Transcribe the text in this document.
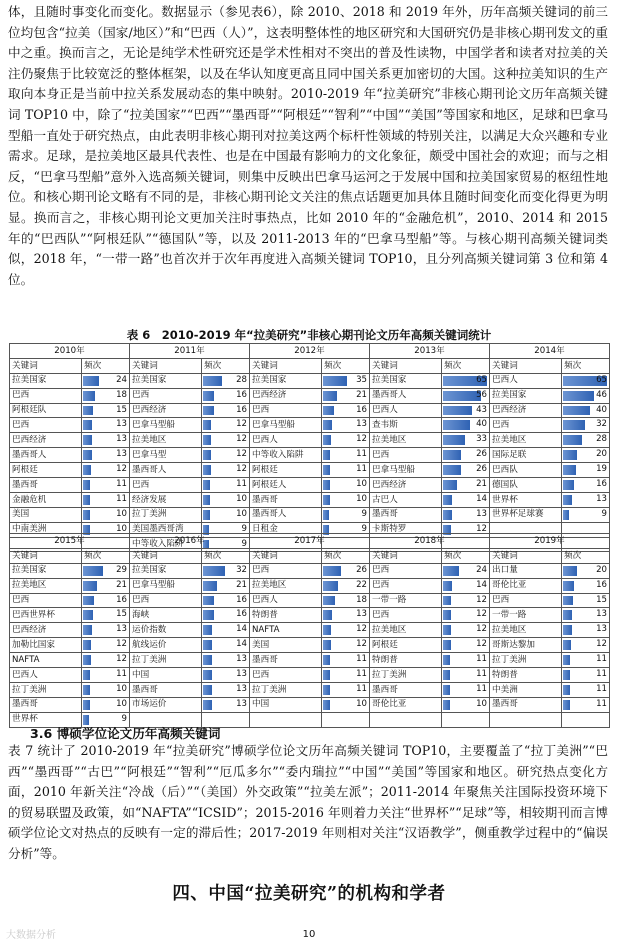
体，且随时事变化而变化。数据显示（参见表6），除 2010、2018 和 2019 年外，历年高频关键词的前三位均包含“拉美（国家/地区）”和“巴西（人）”，这表明整体性的地区研究和大国研究仍是非核心期刊发文的重中之重。换而言之，无论是纯学术性研究还是学术性相对不突出的普及性读物，中国学者和读者对拉美的关注仍聚焦于比较宽泛的整体框架，以及在华认知度更高且同中国关系更加密切的大国。这种拉美知识的生产取向本身正是当前中拉关系发展动态的集中映射。2010-2019 年“拉美研究”非核心期刊论文历年高频关键词 TOP10 中，除了“拉美国家”“巴西”“墨西哥”“阿根廷”“智利”“中国”“美国”等国家和地区，足球和巴拿马型船一直处于研究热点，由此表明非核心期刊对拉美这两个标杆性领域的特别关注，以满足大众兴趣和专业需求。足球，是拉美地区最具代表性、也是在中国最有影响力的文化象征，颇受中国社会的欢迎；而与之相反，“巴拿马型船”意外入选高频关键词，则集中反映出巴拿马运河之于发展中国和拉美国家贸易的枢纽性地位。和核心期刊论文略有不同的是，非核心期刊论文关注的焦点话题更加具体且随时间变化而变化得更为明显。换而言之，非核心期刊论文更加关注时事热点，比如 2010 年的“金融危机”，2010、2014 和 2015 年的“巴西队”“阿根廷队”“德国队”等，以及 2011-2013 年的“巴拿马型船”等。与核心期刊高频关键词类似，2018 年，“一带一路”也首次并于次年再度进入高频关键词 TOP10，且分列高频关键词第 3 位和第 4 位。

表 6　2010-2019 年“拉美研究”非核心期刊论文历年高频关键词统计
2010年		2011年		2012年		2013年		2014年	
关键词	频次	关键词	频次	关键词	频次	关键词	频次	关键词	频次
拉美国家	24	拉美国家	28	拉美国家	35	拉美国家	65	巴西人	65

巴西	18	巴西	16	巴西经济	21	墨西哥人	56	拉美国家	46

阿根廷队	15	巴西经济	16	巴西	16	巴西人	43	巴西经济	40

巴西	13	巴拿马型船	12	巴拿马型船	13	查韦斯	40	巴西	32

巴西经济	13	拉美地区	12	巴西人	12	拉美地区	33	拉美地区	28

墨西哥人	13	巴拿马型	12	中等收入陷阱	11	巴西	26	国际足联	20

阿根廷	12	墨西哥人	12	阿根廷	11	巴拿马型船	26	巴西队	19

墨西哥	11	巴西	11	阿根廷人	10	巴西经济	21	德国队	16

金融危机	11	经济发展	10	墨西哥	10	古巴人	14	世界杯	13

美国	10	拉丁美洲	10	墨西哥人	9	墨西哥	13	世界杯足球赛	9

中南美洲	10	美国墨西哥湾	9	日租金	9	卡斯特罗	12		

		中等收入陷阱	9						

2015年		2016年		2017年		2018年		2019年	
关键词	频次	关键词	频次	关键词	频次	关键词	频次	关键词	频次
拉美国家	29	拉美国家	32	巴西	26	巴西	24	出口量	20

拉美地区	21	巴拿马型船	21	拉美地区	22	巴西	14	哥伦比亚	16

巴西	16	巴西	16	巴西人	18	一带一路	12	巴西	15

巴西世界杯	15	海峡	16	特朗普	13	巴西	12	一带一路	13

巴西经济	13	运价指数	14	NAFTA	12	拉美地区	12	拉美地区	13

加勒比国家	12	航线运价	14	美国	12	阿根廷	12	哥斯达黎加	12

NAFTA	12	拉丁美洲	13	墨西哥	11	特朗普	11	拉丁美洲	11

巴西人	11	中国	13	巴西	11	拉丁美洲	11	特朗普	11

拉丁美洲	10	墨西哥	13	拉丁美洲	11	墨西哥	11	中美洲	11

墨西哥	10	市场运价	13	中国	10	哥伦比亚	10	墨西哥	11

世界杯	9								

3.6 博硕学位论文历年高频关键词

表 7 统计了 2010-2019 年“拉美研究”博硕学位论文历年高频关键词 TOP10，主要覆盖了“拉丁美洲”“巴西”“墨西哥”“古巴”“阿根廷”“智利”“厄瓜多尔”“委内瑞拉”“中国”“美国”等国家和地区。研究热点变化方面，2010 年新关注“冷战（后）”“（美国）外交政策”“拉美左派”；2011-2014 年聚焦关注国际投资环境下的贸易联盟及政策，如“NAFTA”“ICSID”；2015-2016 年则着力关注“世界杯”“足球”等，相较期刊而言博硕学位论文对热点的反映有一定的滞后性；2017-2019 年则相对关注“汉语教学”，侧重教学过程中的“偏误分析”等。

四、中国“拉美研究”的机构和学者
大数据分析	10
